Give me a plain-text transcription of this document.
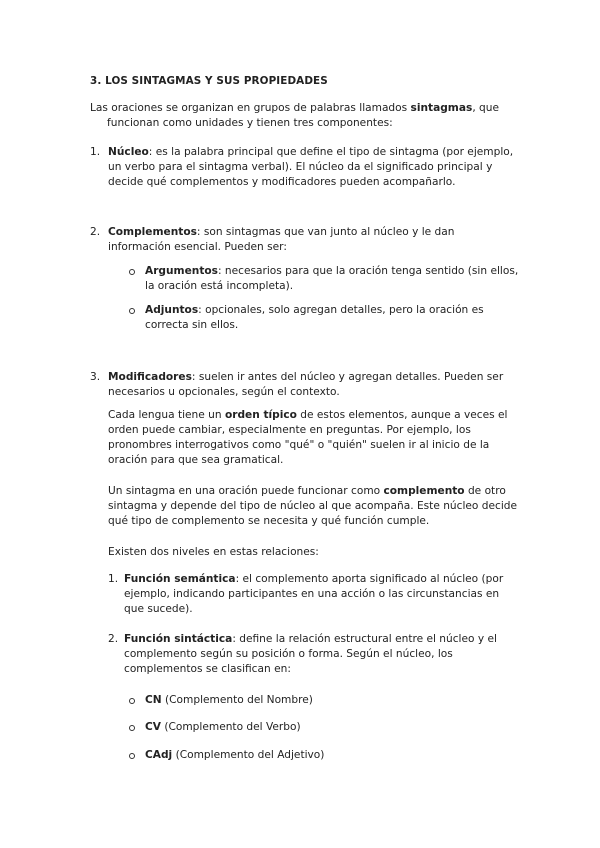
3. LOS SINTAGMAS Y SUS PROPIEDADES

Las oraciones se organizan en grupos de palabras llamados sintagmas, que funcionan como unidades y tienen tres componentes:

1. Núcleo: es la palabra principal que define el tipo de sintagma (por ejemplo, un verbo para el sintagma verbal). El núcleo da el significado principal y decide qué complementos y modificadores pueden acompañarlo.

2. Complementos: son sintagmas que van junto al núcleo y le dan información esencial. Pueden ser:

Argumentos: necesarios para que la oración tenga sentido (sin ellos, la oración está incompleta).

Adjuntos: opcionales, solo agregan detalles, pero la oración es correcta sin ellos.

3. Modificadores: suelen ir antes del núcleo y agregan detalles. Pueden ser necesarios u opcionales, según el contexto.

Cada lengua tiene un orden típico de estos elementos, aunque a veces el orden puede cambiar, especialmente en preguntas. Por ejemplo, los pronombres interrogativos como "qué" o "quién" suelen ir al inicio de la oración para que sea gramatical.

Un sintagma en una oración puede funcionar como complemento de otro sintagma y depende del tipo de núcleo al que acompaña. Este núcleo decide qué tipo de complemento se necesita y qué función cumple.

Existen dos niveles en estas relaciones:

1. Función semántica: el complemento aporta significado al núcleo (por ejemplo, indicando participantes en una acción o las circunstancias en que sucede).

2. Función sintáctica: define la relación estructural entre el núcleo y el complemento según su posición o forma. Según el núcleo, los complementos se clasifican en:

CN (Complemento del Nombre)

CV (Complemento del Verbo)

CAdj (Complemento del Adjetivo)
